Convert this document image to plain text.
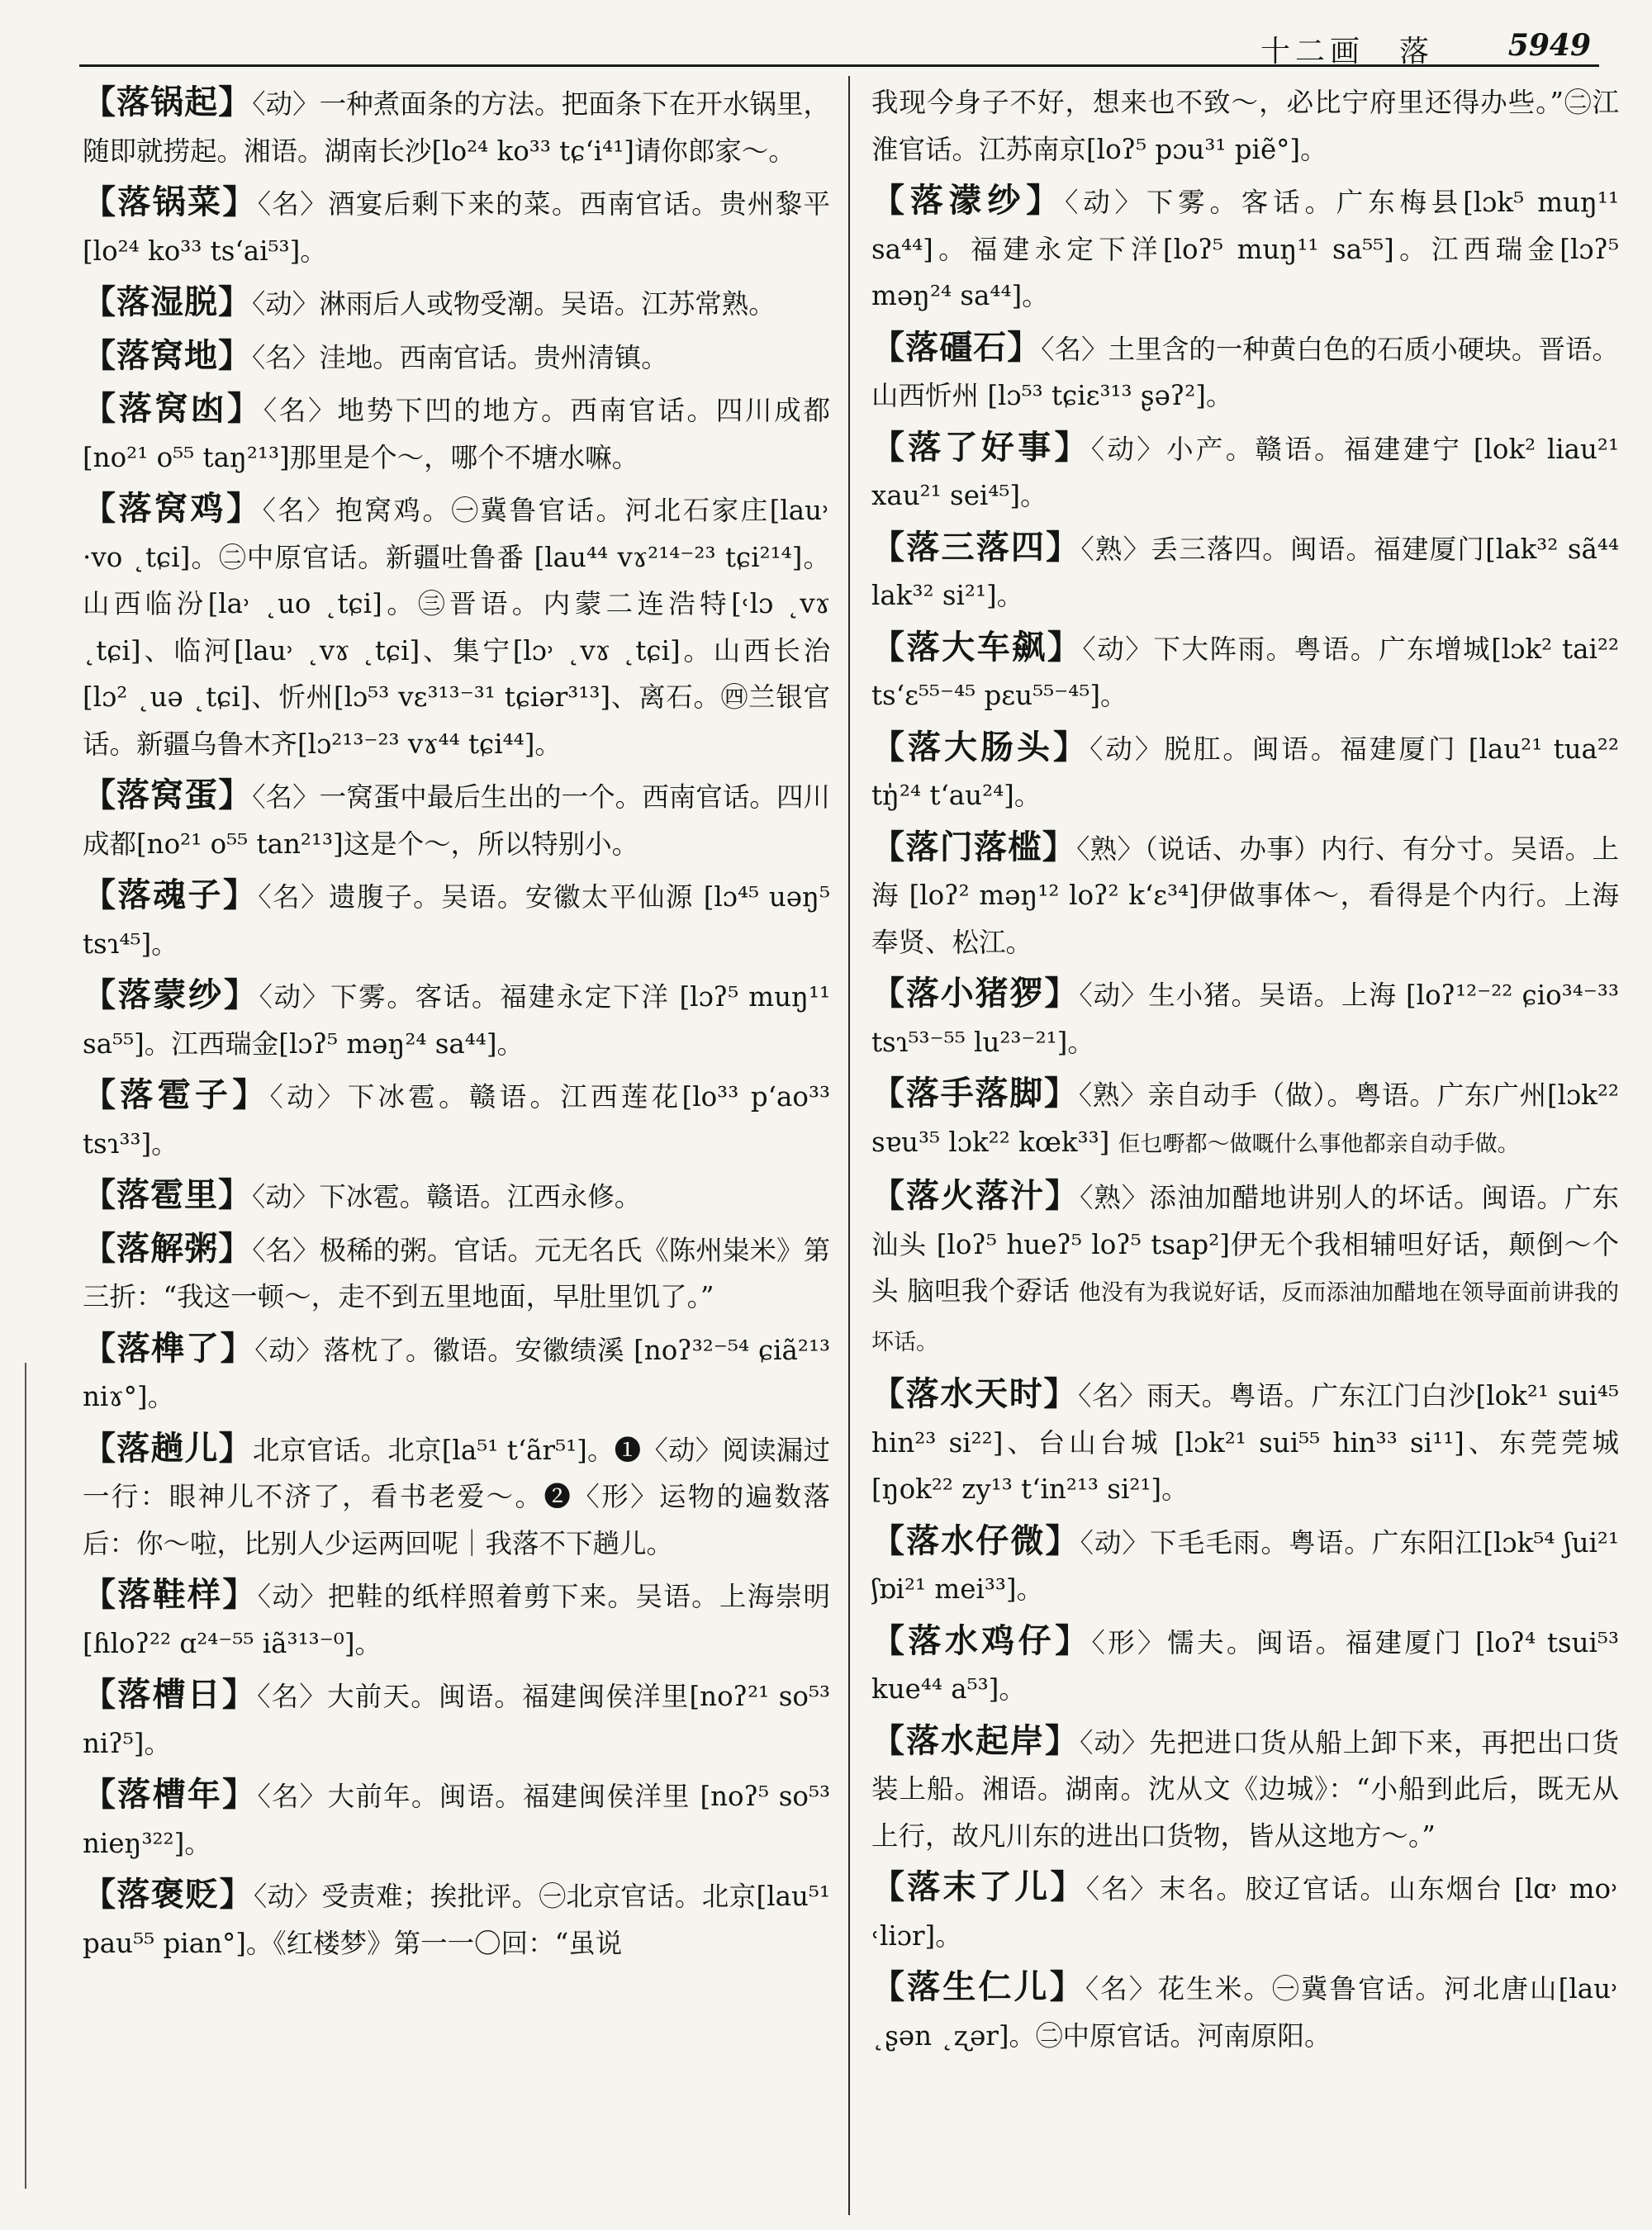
十二画　落 5949
【落锅起】〈动〉一种煮面条的方法。把面条下在开水锅里，随即就捞起。湘语。湖南长沙[lo²⁴ ko³³ tɕ‘i⁴¹]请你郎家～。
【落锅菜】〈名〉酒宴后剩下来的菜。西南官话。贵州黎平[lo²⁴ ko³³ ts‘ai⁵³]。
【落湿脱】〈动〉淋雨后人或物受潮。吴语。江苏常熟。
【落窝地】〈名〉洼地。西南官话。贵州清镇。
【落窝凼】〈名〉地势下凹的地方。西南官话。四川成都[no²¹ o⁵⁵ taŋ²¹³]那里是个～，哪个不塘水嘛。
【落窝鸡】〈名〉抱窝鸡。㊀冀鲁官话。河北石家庄[lau˒ ·vo ˛tɕi]。㊁中原官话。新疆吐鲁番 [lau⁴⁴ vɤ²¹⁴⁻²³ tɕi²¹⁴]。山西临汾[la˒ ˛uo ˛tɕi]。㊂晋语。内蒙二连浩特[˓lɔ ˛vɤ ˛tɕi]、临河[lau˒ ˛vɤ ˛tɕi]、集宁[lɔ˒ ˛vɤ ˛tɕi]。山西长治 [lɔ² ˛uə ˛tɕi]、忻州[lɔ⁵³ vɛ³¹³⁻³¹ tɕiər³¹³]、离石。㊃兰银官话。新疆乌鲁木齐[lɔ²¹³⁻²³ vɤ⁴⁴ tɕi⁴⁴]。
【落窝蛋】〈名〉一窝蛋中最后生出的一个。西南官话。四川成都[no²¹ o⁵⁵ tan²¹³]这是个～，所以特别小。
【落魂子】〈名〉遗腹子。吴语。安徽太平仙源 [lɔ⁴⁵ uəŋ⁵ tsɿ⁴⁵]。
【落蒙纱】〈动〉下雾。客话。福建永定下洋 [lɔʔ⁵ muŋ¹¹ sa⁵⁵]。江西瑞金[lɔʔ⁵ məŋ²⁴ sa⁴⁴]。
【落雹子】〈动〉下冰雹。赣语。江西莲花[lo³³ p‘ao³³ tsɿ³³]。
【落雹里】〈动〉下冰雹。赣语。江西永修。
【落解粥】〈名〉极稀的粥。官话。元无名氏《陈州粜米》第三折：“我这一顿～，走不到五里地面，早肚里饥了。”
【落榫了】〈动〉落枕了。徽语。安徽绩溪 [noʔ³²⁻⁵⁴ ɕiã²¹³ niɤ°]。
【落趟儿】北京官话。北京[la⁵¹ t‘ãr⁵¹]。❶〈动〉阅读漏过一行：眼神儿不济了，看书老爱～。❷〈形〉运物的遍数落后：你～啦，比别人少运两回呢｜我落不下趟儿。
【落鞋样】〈动〉把鞋的纸样照着剪下来。吴语。上海崇明[ɦloʔ²² ɑ²⁴⁻⁵⁵ iã³¹³⁻⁰]。
【落槽日】〈名〉大前天。闽语。福建闽侯洋里[noʔ²¹ so⁵³ niʔ⁵]。
【落槽年】〈名〉大前年。闽语。福建闽侯洋里 [noʔ⁵ so⁵³ nieŋ³²²]。
【落褒贬】〈动〉受责难；挨批评。㊀北京官话。北京[lau⁵¹ pau⁵⁵ pian°]。《红楼梦》第一一〇回：“虽说
我现今身子不好，想来也不致～，必比宁府里还得办些。”㊁江淮官话。江苏南京[loʔ⁵ pɔu³¹ piẽ°]。
【落濛纱】〈动〉下雾。客话。广东梅县[lɔk⁵ muŋ¹¹ sa⁴⁴]。福建永定下洋[loʔ⁵ muŋ¹¹ sa⁵⁵]。江西瑞金[lɔʔ⁵ məŋ²⁴ sa⁴⁴]。
【落礓石】〈名〉土里含的一种黄白色的石质小硬块。晋语。山西忻州 [lɔ⁵³ tɕiɛ³¹³ ʂəʔ²]。
【落了好事】〈动〉小产。赣语。福建建宁 [lok² liau²¹ xau²¹ sei⁴⁵]。
【落三落四】〈熟〉丢三落四。闽语。福建厦门[lak³² sã⁴⁴ lak³² si²¹]。
【落大车飙】〈动〉下大阵雨。粤语。广东增城[lɔk² tai²² ts‘ɛ⁵⁵⁻⁴⁵ pɛu⁵⁵⁻⁴⁵]。
【落大肠头】〈动〉脱肛。闽语。福建厦门 [lau²¹ tua²² tŋ̍²⁴ t‘au²⁴]。
【落门落槛】〈熟〉（说话、办事）内行、有分寸。吴语。上海 [loʔ² məŋ¹² loʔ² k‘ɛ³⁴]伊做事体～，看得是个内行。上海奉贤、松江。
【落小猪猡】〈动〉生小猪。吴语。上海 [loʔ¹²⁻²² ɕio³⁴⁻³³ tsɿ⁵³⁻⁵⁵ lu²³⁻²¹]。
【落手落脚】〈熟〉亲自动手（做）。粤语。广东广州[lɔk²² sɐu³⁵ lɔk²² kœk³³] 佢乜嘢都～做嘅什么事他都亲自动手做。
【落火落汁】〈熟〉添油加醋地讲别人的坏话。闽语。广东汕头 [loʔ⁵ hueʔ⁵ loʔ⁵ tsap²]伊无个我相辅呾好话，颠倒～个头 脑呾我个孬话 他没有为我说好话，反而添油加醋地在领导面前讲我的坏话。
【落水天时】〈名〉雨天。粤语。广东江门白沙[lok²¹ sui⁴⁵ hin²³ si²²]、台山台城 [lɔk²¹ sui⁵⁵ hin³³ si¹¹]、东莞莞城 [ŋok²² zy¹³ t‘in²¹³ si²¹]。
【落水仔微】〈动〉下毛毛雨。粤语。广东阳江[lɔk⁵⁴ ʃui²¹ ʃɒi²¹ mei³³]。
【落水鸡仔】〈形〉懦夫。闽语。福建厦门 [loʔ⁴ tsui⁵³ kue⁴⁴ a⁵³]。
【落水起岸】〈动〉先把进口货从船上卸下来，再把出口货装上船。湘语。湖南。沈从文《边城》：“小船到此后，既无从上行，故凡川东的进出口货物，皆从这地方～。”
【落末了儿】〈名〉末名。胶辽官话。山东烟台 [lɑ˒ mo˒ ˓liɔr]。
【落生仁儿】〈名〉花生米。㊀冀鲁官话。河北唐山[lau˒ ˛ʂən ˛ʐər]。㊁中原官话。河南原阳。
